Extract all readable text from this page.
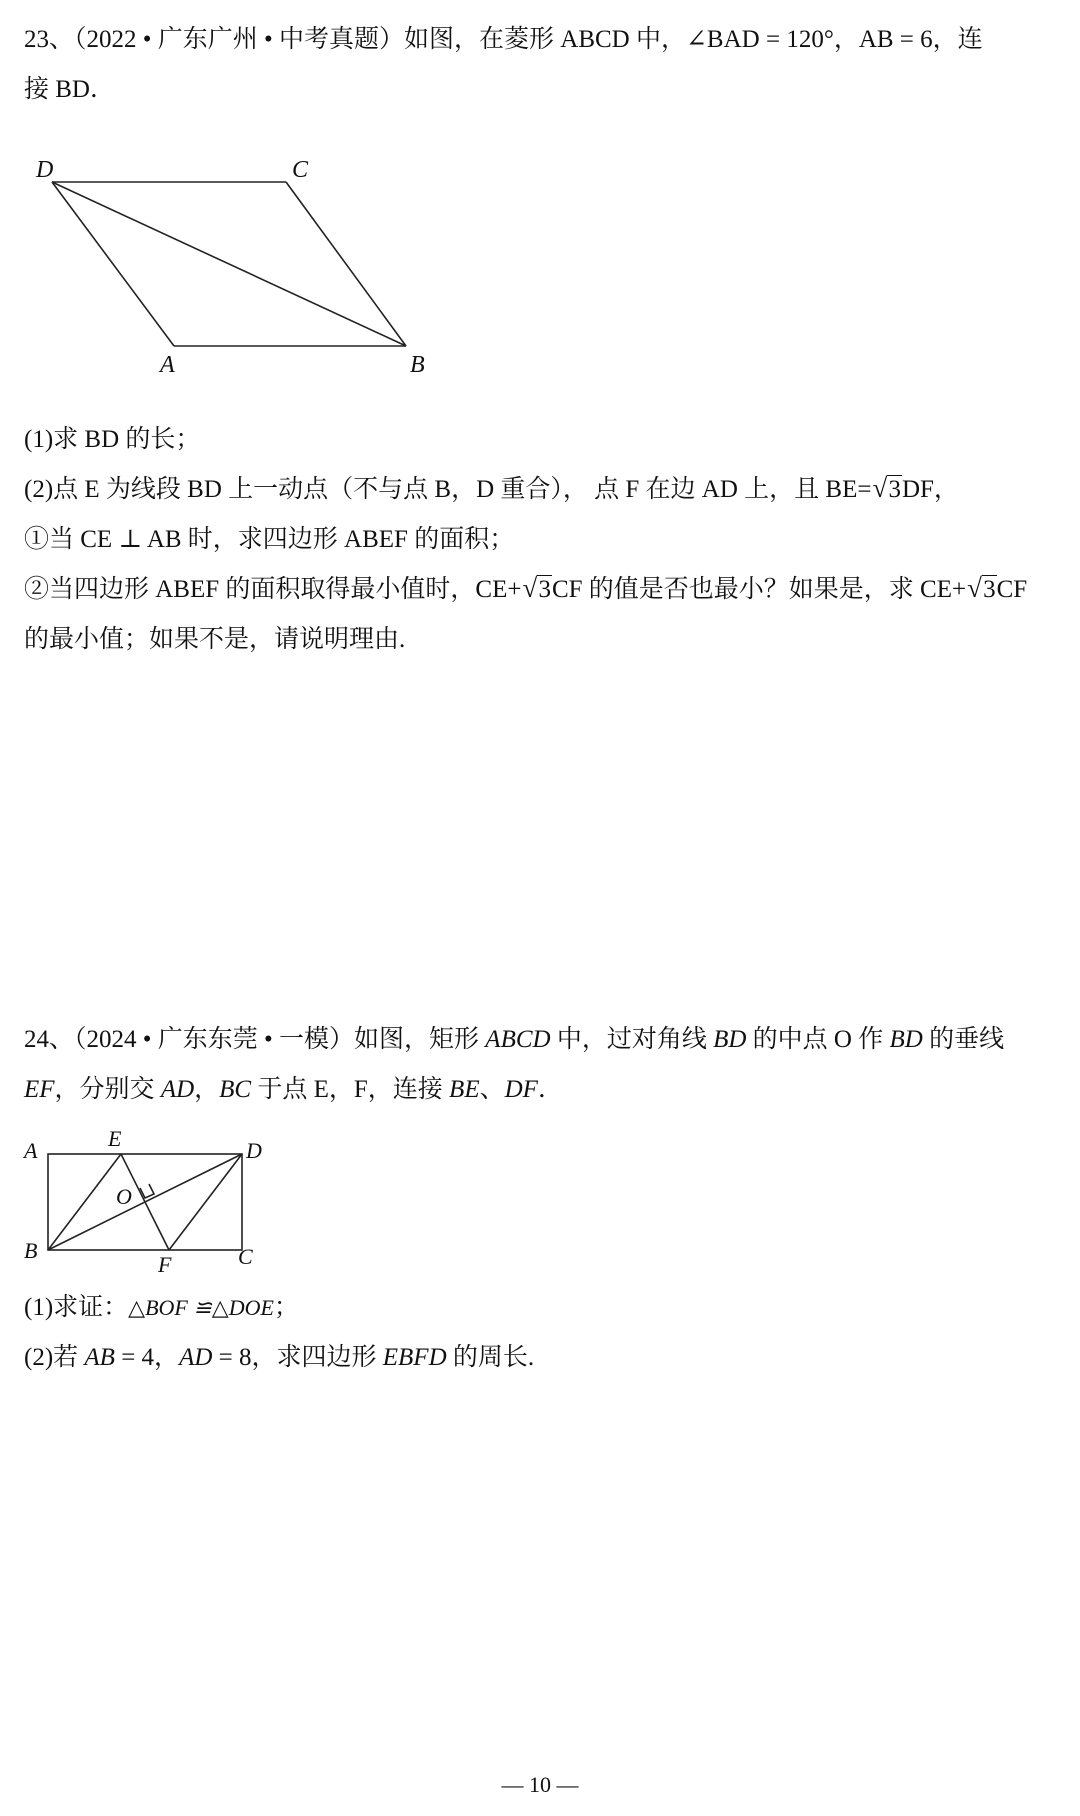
23、（2022 • 广东广州 • 中考真题）如图，在菱形 ABCD 中，∠BAD = 120°，AB = 6，连
接 BD．
D	C
A	B
(1)求 BD 的长；
(2)点 E 为线段 BD 上一动点（不与点 B，D 重合）， 点 F 在边 AD 上，且 BE= √ 3DF，
①当 CE ⊥ AB 时，求四边形 ABEF 的面积；
②当四边形 ABEF 的面积取得最小值时，CE+ √ 3CF 的值是否也最小？如果是，求 CE+ √ 3CF
的最小值；如果不是，请说明理由.
24、（2024 • 广东东莞 • 一模）如图，矩形 ABCD 中，过对角线 BD 的中点 O 作 BD 的垂线
EF，分别交 AD，BC 于点 E，F，连接 BE、DF．
A	E	D
O
B
F	C
(1)求证：△BOF ≌△DOE；
(2)若 AB = 4，AD = 8，求四边形 EBFD 的周长.
— 10 —
